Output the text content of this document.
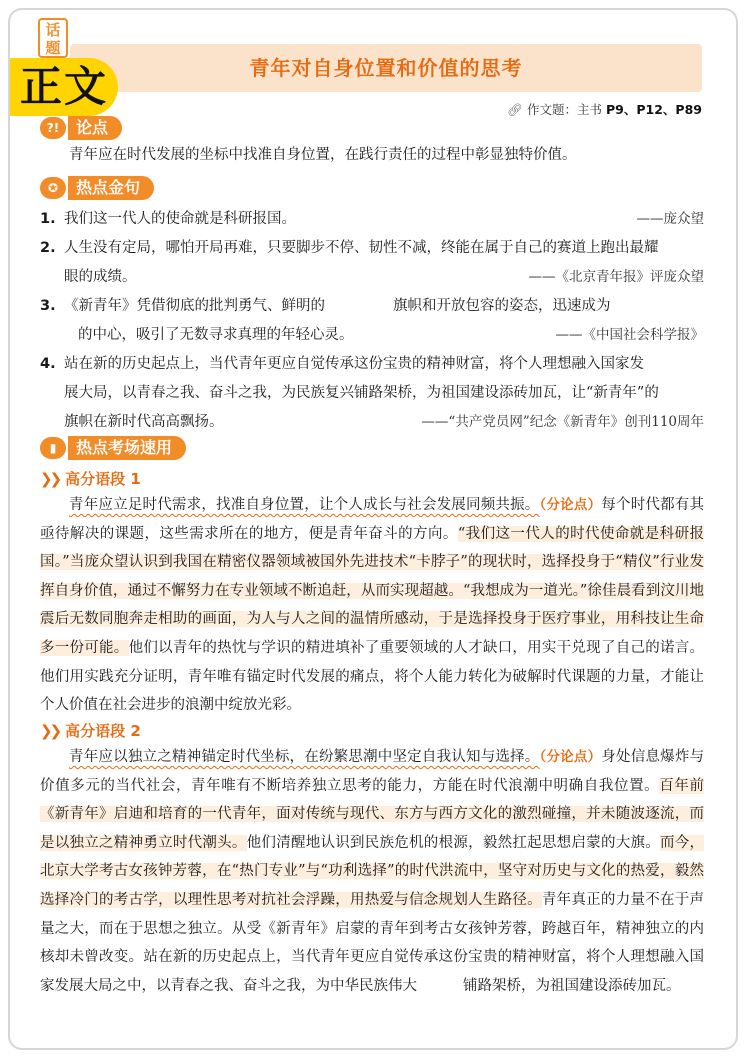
话
题
青年对自身位置和价值的思考
正文	🔗︎ 作文题：主书 P9、P12、P89
?!	论点
青年应在时代发展的坐标中找准自身位置，在践行责任的过程中彰显独特价值。
✪	热点金句
1. 我们这一代人的使命就是科研报国。	——庞众望
2. 人生没有定局，哪怕开局再难，只要脚步不停、韧性不减，终能在属于自己的赛道上跑出最耀
眼的成绩。	——《北京青年报》评庞众望
3. 《新青年》凭借彻底的批判勇气、鲜明的	旗帜和开放包容的姿态，迅速成为
的中心，吸引了无数寻求真理的年轻心灵。	——《中国社会科学报》
4. 站在新的历史起点上，当代青年更应自觉传承这份宝贵的精神财富，将个人理想融入国家发
展大局，以青春之我、奋斗之我，为民族复兴铺路架桥，为祖国建设添砖加瓦，让“新青年”的
旗帜在新时代高高飘扬。	——“共产党员网”纪念《新青年》创刊110周年
▮	热点考场速用
❯❯ 高分语段 1
青年应立足时代需求，找准自身位置，让个人成长与社会发展同频共振。（分论点）每个时代都有其亟待解决的课题，这些需求所在的地方，便是青年奋斗的方向。“我们这一代人的时代使命就是科研报国。”当庞众望认识到我国在精密仪器领域被国外先进技术“卡脖子”的现状时，选择投身于“精仪”行业发挥自身价值，通过不懈努力在专业领域不断追赶，从而实现超越。“我想成为一道光。”徐佳晨看到汶川地震后无数同胞奔走相助的画面，为人与人之间的温情所感动，于是选择投身于医疗事业，用科技让生命多一份可能。他们以青年的热忱与学识的精进填补了重要领域的人才缺口，用实干兑现了自己的诺言。他们用实践充分证明，青年唯有锚定时代发展的痛点，将个人能力转化为破解时代课题的力量，才能让个人价值在社会进步的浪潮中绽放光彩。
❯❯ 高分语段 2
青年应以独立之精神锚定时代坐标，在纷繁思潮中坚定自我认知与选择。（分论点）身处信息爆炸与价值多元的当代社会，青年唯有不断培养独立思考的能力，方能在时代浪潮中明确自我位置。百年前《新青年》启迪和培育的一代青年，面对传统与现代、东方与西方文化的激烈碰撞，并未随波逐流，而是以独立之精神勇立时代潮头。他们清醒地认识到民族危机的根源，毅然扛起思想启蒙的大旗。而今，北京大学考古女孩钟芳蓉，在“热门专业”与“功利选择”的时代洪流中，坚守对历史与文化的热爱，毅然选择冷门的考古学，以理性思考对抗社会浮躁，用热爱与信念规划人生路径。青年真正的力量不在于声量之大，而在于思想之独立。从受《新青年》启蒙的青年到考古女孩钟芳蓉，跨越百年，精神独立的内核却未曾改变。站在新的历史起点上，当代青年更应自觉传承这份宝贵的精神财富，将个人理想融入国家发展大局之中，以青春之我、奋斗之我，为中华民族伟大	铺路架桥，为祖国建设添砖加瓦。
